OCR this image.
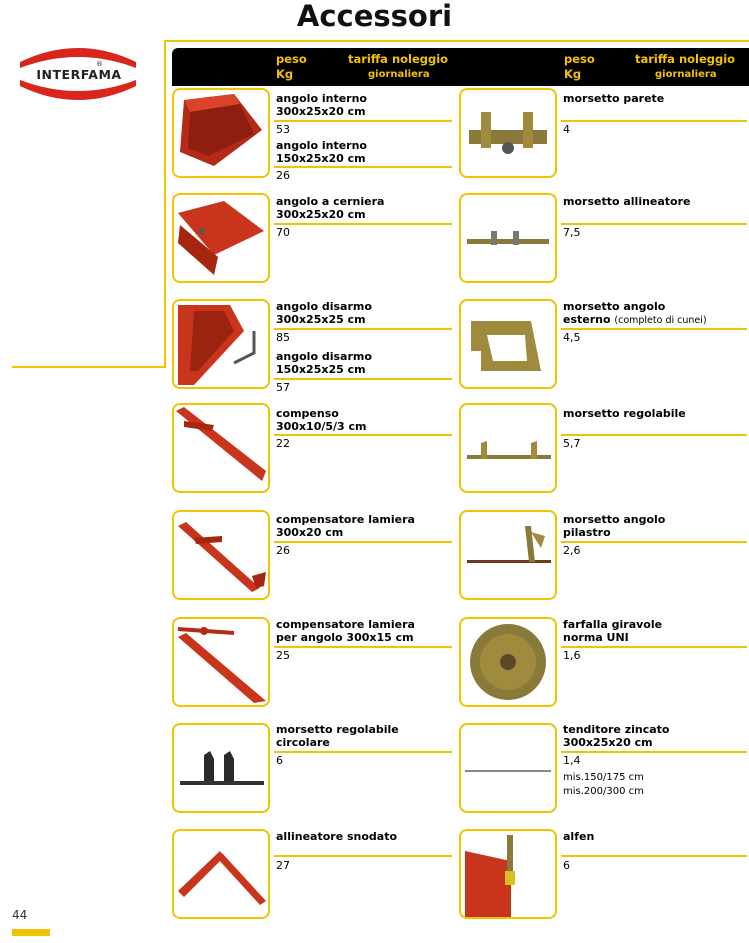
Accessori
INTERFAMA
®	peso
Kg
tariffa noleggio
giornaliera
peso
Kg
tariffa noleggio
giornaliera
angolo interno
300x25x20 cm
53
angolo interno
150x25x20 cm
26
angolo a cerniera
300x25x20 cm
70
angolo disarmo
300x25x25 cm
85
angolo disarmo
150x25x25 cm
57
compenso
300x10/5/3 cm
22
compensatore lamiera
300x20 cm
26
compensatore lamiera
per angolo 300x15 cm
25
morsetto regolabile
circolare
6
allineatore snodato
27
morsetto parete
4
morsetto allineatore
7,5
morsetto angolo
esterno (completo di cunei)
4,5
morsetto regolabile
5,7
morsetto angolo
pilastro
2,6
farfalla giravole
norma UNI
1,6
tenditore zincato
300x25x20 cm
1,4
mis.150/175 cm
mis.200/300 cm
alfen
6
44
